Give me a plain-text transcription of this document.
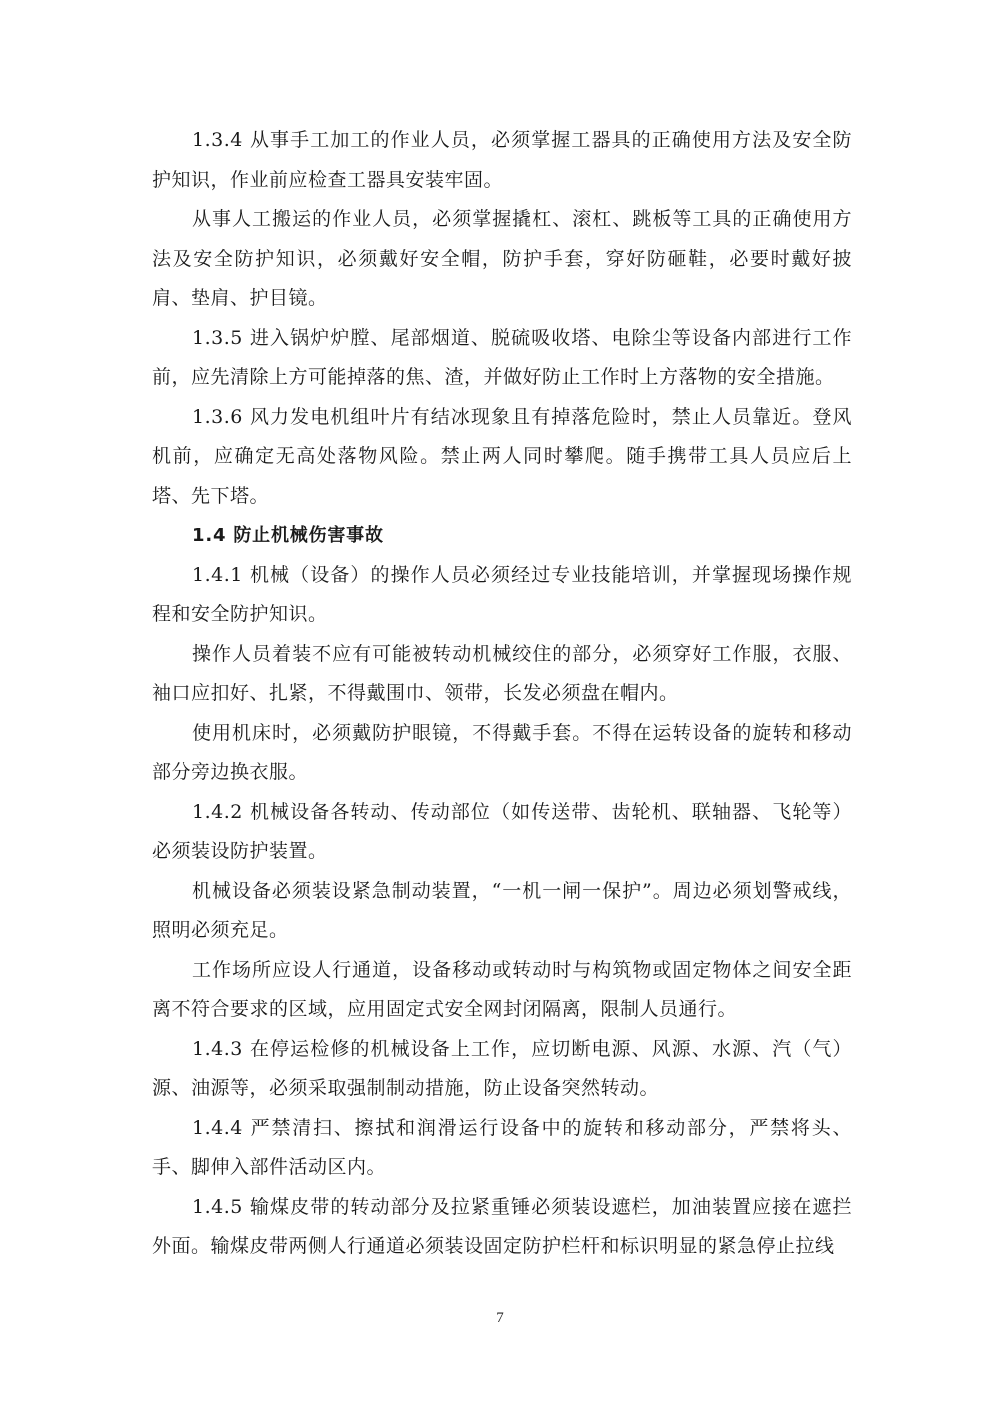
1.3.4 从事手工加工的作业人员，必须掌握工器具的正确使用方法及安全防护知识，作业前应检查工器具安装牢固。

从事人工搬运的作业人员，必须掌握撬杠、滚杠、跳板等工具的正确使用方法及安全防护知识，必须戴好安全帽，防护手套，穿好防砸鞋，必要时戴好披肩、垫肩、护目镜。

1.3.5 进入锅炉炉膛、尾部烟道、脱硫吸收塔、电除尘等设备内部进行工作前，应先清除上方可能掉落的焦、渣，并做好防止工作时上方落物的安全措施。

1.3.6 风力发电机组叶片有结冰现象且有掉落危险时，禁止人员靠近。登风机前，应确定无高处落物风险。禁止两人同时攀爬。随手携带工具人员应后上塔、先下塔。

1.4 防止机械伤害事故

1.4.1 机械（设备）的操作人员必须经过专业技能培训，并掌握现场操作规程和安全防护知识。

操作人员着装不应有可能被转动机械绞住的部分，必须穿好工作服，衣服、袖口应扣好、扎紧，不得戴围巾、领带，长发必须盘在帽内。

使用机床时，必须戴防护眼镜，不得戴手套。不得在运转设备的旋转和移动部分旁边换衣服。

1.4.2 机械设备各转动、传动部位（如传送带、齿轮机、联轴器、飞轮等）必须装设防护装置。

机械设备必须装设紧急制动装置，“一机一闸一保护”。周边必须划警戒线，照明必须充足。

工作场所应设人行通道，设备移动或转动时与构筑物或固定物体之间安全距离不符合要求的区域，应用固定式安全网封闭隔离，限制人员通行。

1.4.3 在停运检修的机械设备上工作，应切断电源、风源、水源、汽（气）源、油源等，必须采取强制制动措施，防止设备突然转动。

1.4.4 严禁清扫、擦拭和润滑运行设备中的旋转和移动部分，严禁将头、手、脚伸入部件活动区内。

1.4.5 输煤皮带的转动部分及拉紧重锤必须装设遮栏，加油装置应接在遮拦外面。输煤皮带两侧人行通道必须装设固定防护栏杆和标识明显的紧急停止拉线

7
